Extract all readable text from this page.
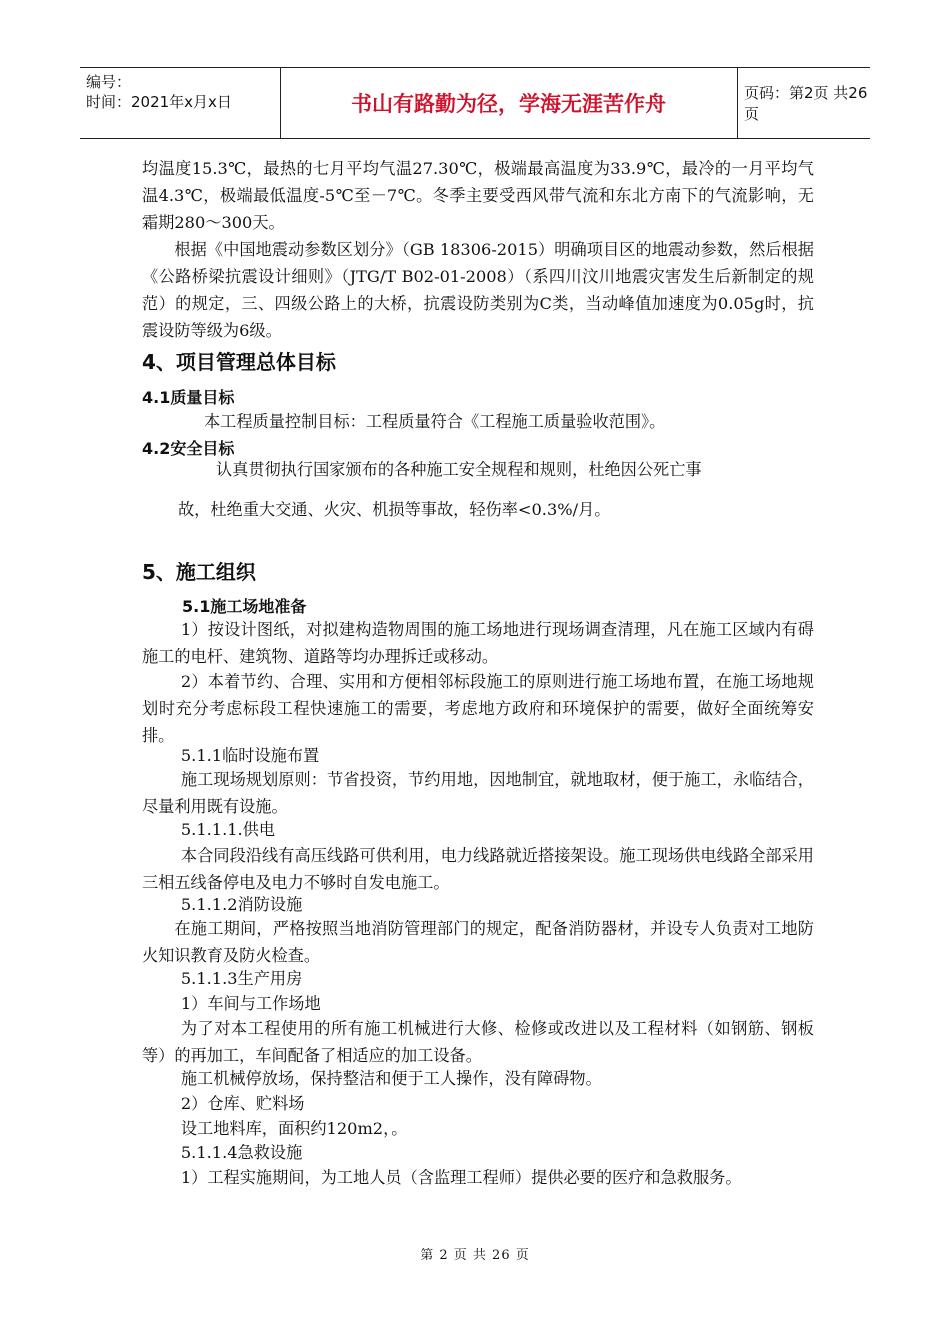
编号：
时间：2021年x月x日	书山有路勤为径，学海无涯苦作舟	页码：第2页 共26页

均温度15.3℃，最热的七月平均气温27.30℃，极端最高温度为33.9℃，最冷的一月平均气温4.3℃，极端最低温度-5℃至－7℃。冬季主要受西风带气流和东北方南下的气流影响，无霜期280～300天。

根据《中国地震动参数区划分》（GB 18306-2015）明确项目区的地震动参数，然后根据《公路桥梁抗震设计细则》（JTG/T B02-01-2008）（系四川汶川地震灾害发生后新制定的规范）的规定，三、四级公路上的大桥，抗震设防类别为C类，当动峰值加速度为0.05g时，抗震设防等级为6级。

4、项目管理总体目标
4.1质量目标

本工程质量控制目标：工程质量符合《工程施工质量验收范围》。

4.2安全目标

认真贯彻执行国家颁布的各种施工安全规程和规则，杜绝因公死亡事

故，杜绝重大交通、火灾、机损等事故，轻伤率<0.3%/月。

5、施工组织
5.1施工场地准备

1）按设计图纸，对拟建构造物周围的施工场地进行现场调查清理，凡在施工区域内有碍施工的电杆、建筑物、道路等均办理拆迁或移动。

2）本着节约、合理、实用和方便相邻标段施工的原则进行施工场地布置，在施工场地规划时充分考虑标段工程快速施工的需要，考虑地方政府和环境保护的需要，做好全面统筹安排。

5.1.1临时设施布置

施工现场规划原则：节省投资，节约用地，因地制宜，就地取材，便于施工，永临结合，尽量利用既有设施。

5.1.1.1.供电

本合同段沿线有高压线路可供利用，电力线路就近搭接架设。施工现场供电线路全部采用三相五线备停电及电力不够时自发电施工。

5.1.1.2消防设施

在施工期间，严格按照当地消防管理部门的规定，配备消防器材，并设专人负责对工地防火知识教育及防火检查。

5.1.1.3生产用房

1）车间与工作场地

为了对本工程使用的所有施工机械进行大修、检修或改进以及工程材料（如钢筋、钢板等）的再加工，车间配备了相适应的加工设备。

施工机械停放场，保持整洁和便于工人操作，没有障碍物。

2）仓库、贮料场

设工地料库，面积约120m2，。

5.1.1.4急救设施

1）工程实施期间，为工地人员（含监理工程师）提供必要的医疗和急救服务。

第 2 页 共 26 页
